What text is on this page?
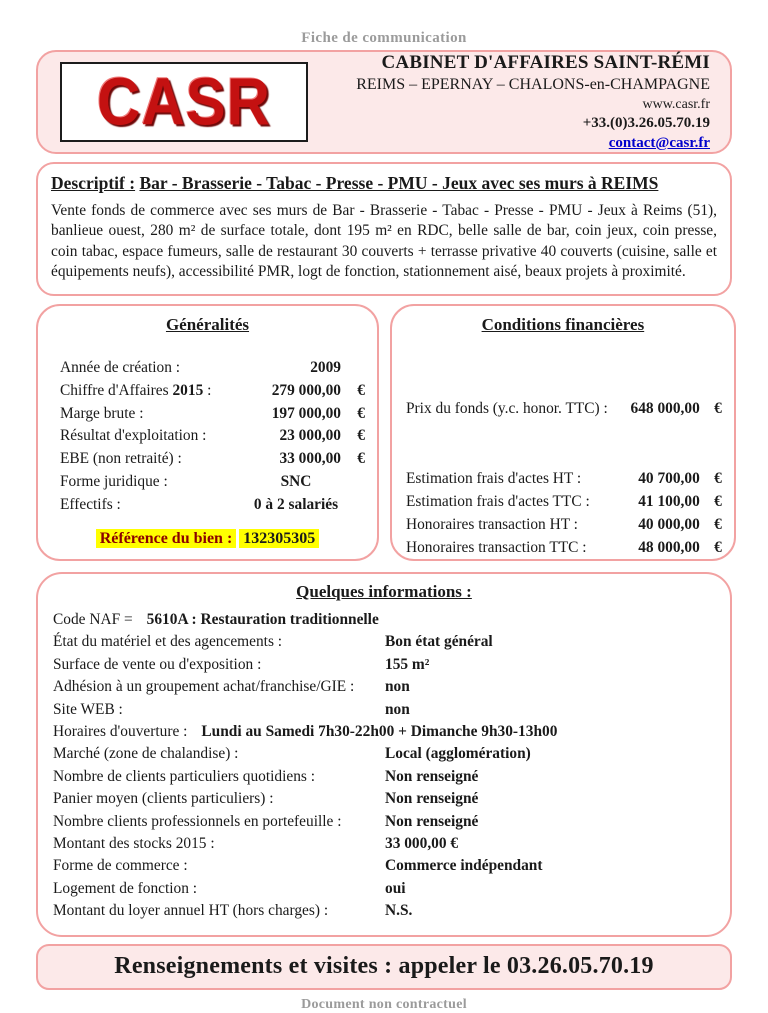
Fiche de communication
CASR
CABINET D'AFFAIRES SAINT-RÉMI
REIMS – EPERNAY – CHALONS-en-CHAMPAGNE
www.casr.fr
+33.(0)3.26.05.70.19
contact@casr.fr
Descriptif : Bar - Brasserie - Tabac - Presse - PMU - Jeux avec ses murs à REIMS
Vente fonds de commerce avec ses murs de Bar - Brasserie - Tabac - Presse - PMU - Jeux à Reims (51), banlieue ouest, 280 m² de surface totale, dont 195 m² en RDC, belle salle de bar, coin jeux, coin presse, coin tabac, espace fumeurs, salle de restaurant 30 couverts + terrasse privative 40 couverts (cuisine, salle et équipements neufs), accessibilité PMR, logt de fonction, stationnement aisé, beaux projets à proximité.
Généralités
Année de création :	2009
Chiffre d'Affaires 2015 :	279 000,00	€
Marge brute :	197 000,00	€
Résultat d'exploitation :	23 000,00	€
EBE (non retraité) :	33 000,00	€
Forme juridique :	SNC
Effectifs :	0 à 2 salariés
Référence du bien : 132305305
Conditions financières
Prix du fonds (y.c. honor. TTC) :	648 000,00 €
Estimation frais d'actes HT :	40 700,00 €
Estimation frais d'actes TTC :	41 100,00 €
Honoraires transaction HT :	40 000,00 €
Honoraires transaction TTC :	48 000,00 €
Quelques informations :
Code NAF = 5610A : Restauration traditionnelle
État du matériel et des agencements :	Bon état général
Surface de vente ou d'exposition :	155 m²
Adhésion à un groupement achat/franchise/GIE :	non
Site WEB :	non
Horaires d'ouverture : Lundi au Samedi 7h30-22h00 + Dimanche 9h30-13h00
Marché (zone de chalandise) :	Local (agglomération)
Nombre de clients particuliers quotidiens :	Non renseigné
Panier moyen (clients particuliers) :	Non renseigné
Nombre clients professionnels en portefeuille :	Non renseigné
Montant des stocks 2015 :	33 000,00 €
Forme de commerce :	Commerce indépendant
Logement de fonction :	oui
Montant du loyer annuel HT (hors charges) :	N.S.
Renseignements et visites : appeler le 03.26.05.70.19
Document non contractuel
